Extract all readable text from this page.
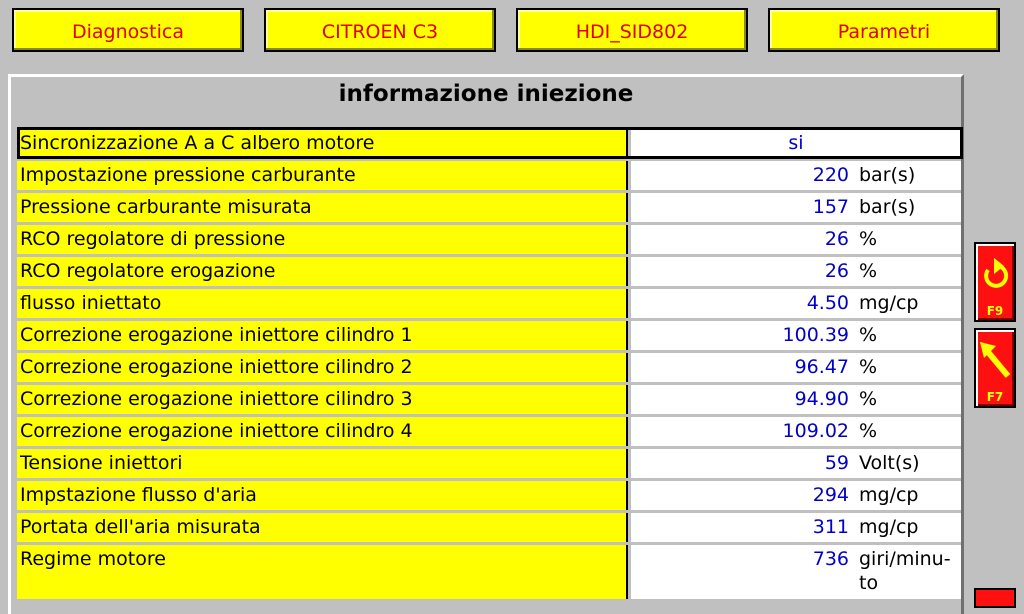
Diagnostica	CITROEN C3	HDI_SID802	Parametri
informazione iniezione
Sincronizzazione A a C albero motore	si
Impostazione pressione carburante	220 bar(s)
Pressione carburante misurata	157 bar(s)
RCO regolatore di pressione	26 %
RCO regolatore erogazione	26 %
flusso iniettato	4.50 mg/cp
Correzione erogazione iniettore cilindro 1	100.39 %
Correzione erogazione iniettore cilindro 2	96.47 %
Correzione erogazione iniettore cilindro 3	94.90 %
Correzione erogazione iniettore cilindro 4	109.02 %
Tensione iniettori	59 Volt(s)
Impstazione flusso d'aria	294 mg/cp
Portata dell'aria misurata	311 mg/cp
Regime motore	736 giri/minu-to
F9
F7
